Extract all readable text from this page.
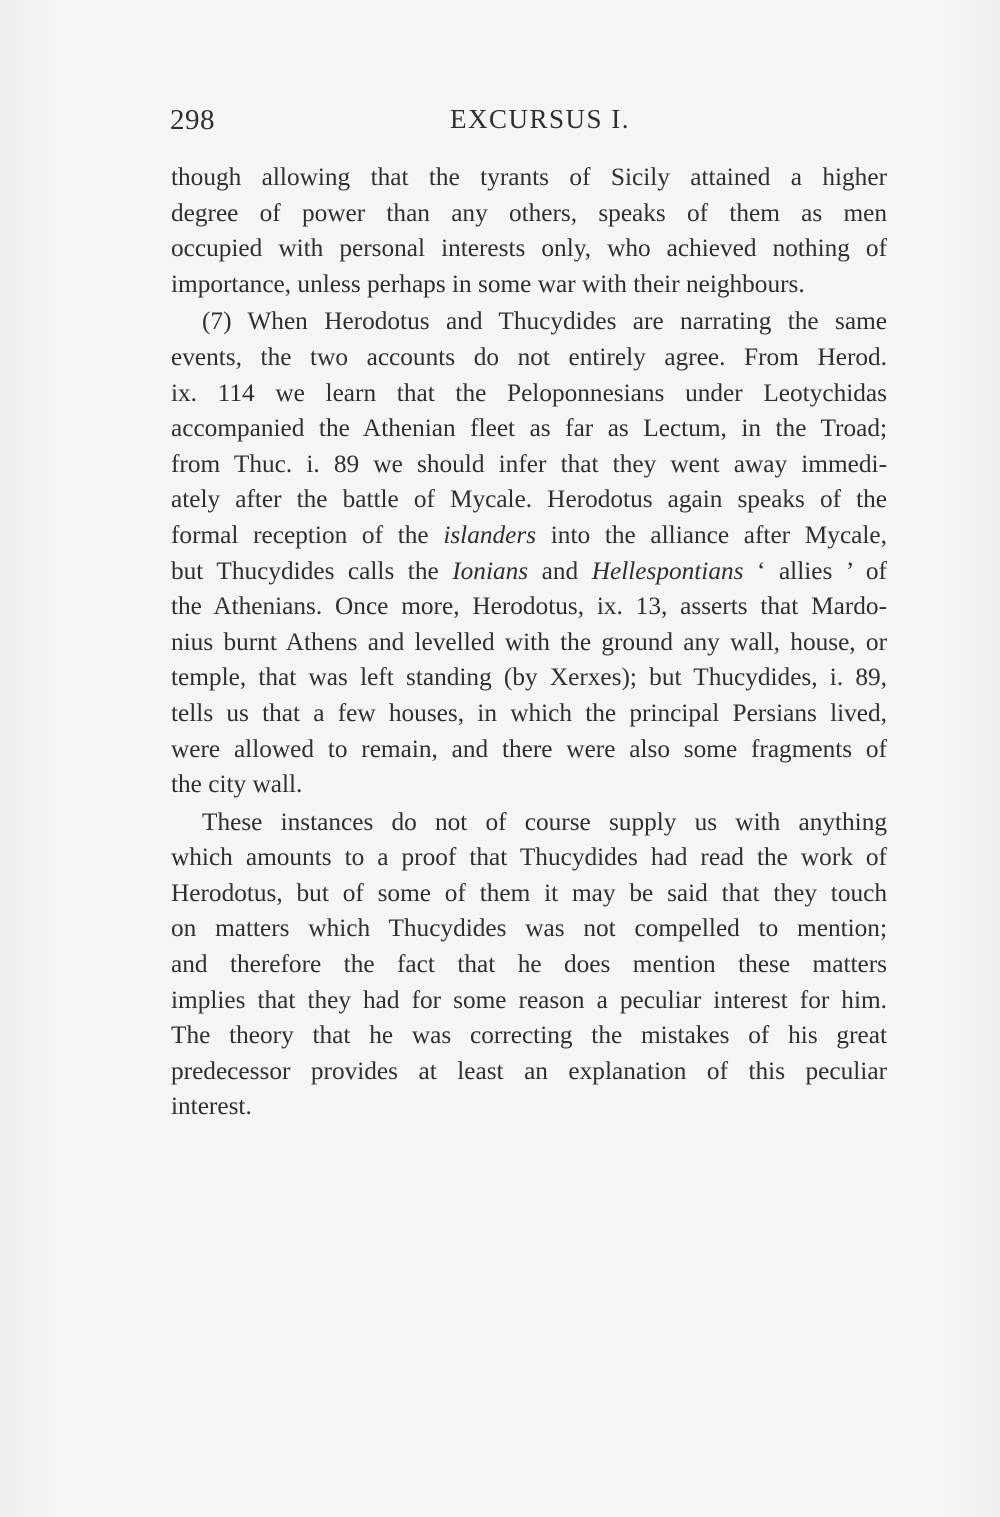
298	EXCURSUS I.

though allowing that the tyrants of Sicily attained a higher
degree of power than any others, speaks of them as men
occupied with personal interests only, who achieved nothing of
importance, unless perhaps in some war with their neighbours.

(7) When Herodotus and Thucydides are narrating the same
events, the two accounts do not entirely agree. From Herod.
ix. 114 we learn that the Peloponnesians under Leotychidas
accompanied the Athenian fleet as far as Lectum, in the Troad;
from Thuc. i. 89 we should infer that they went away immedi-
ately after the battle of Mycale. Herodotus again speaks of the
formal reception of the islanders into the alliance after Mycale,
but Thucydides calls the Ionians and Hellespontians ‘ allies ’ of
the Athenians. Once more, Herodotus, ix. 13, asserts that Mardo-
nius burnt Athens and levelled with the ground any wall, house, or
temple, that was left standing (by Xerxes); but Thucydides, i. 89,
tells us that a few houses, in which the principal Persians lived,
were allowed to remain, and there were also some fragments of
the city wall.

These instances do not of course supply us with anything
which amounts to a proof that Thucydides had read the work of
Herodotus, but of some of them it may be said that they touch
on matters which Thucydides was not compelled to mention;
and therefore the fact that he does mention these matters
implies that they had for some reason a peculiar interest for him.
The theory that he was correcting the mistakes of his great
predecessor provides at least an explanation of this peculiar
interest.
